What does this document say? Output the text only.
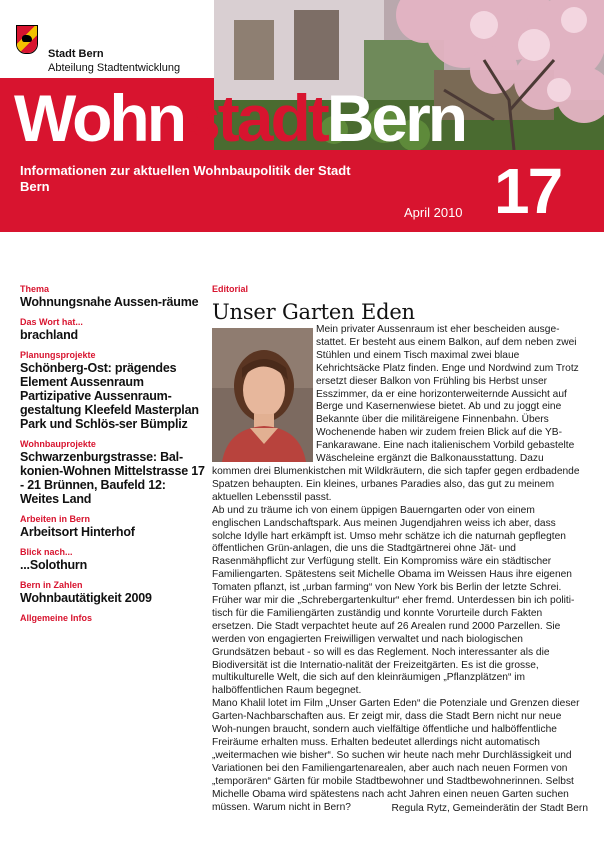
Stadt Bern
Abteilung Stadtentwicklung
WohnstadtBern
Informationen zur aktuellen Wohnbaupolitik der Stadt Bern
April 2010 17
Thema
Wohnungsnahe Aussen-räume
Das Wort hat...
brachland
Planungsprojekte
Schönberg-Ost: prägendes Element Aussenraum Partizipative Aussenraum-gestaltung Kleefeld Masterplan Park und Schlös-ser Bümpliz
Wohnbauprojekte
Schwarzenburgstrasse: Bal-konien-Wohnen Mittelstrasse 17 - 21 Brünnen, Baufeld 12: Weites Land
Arbeiten in Bern
Arbeitsort Hinterhof
Blick nach...
...Solothurn
Bern in Zahlen
Wohnbautätigkeit 2009
Allgemeine Infos
Editorial
Unser Garten Eden

Mein privater Aussenraum ist eher bescheiden ausge-stattet. Er besteht aus einem Balkon, auf dem neben zwei Stühlen und einem Tisch maximal zwei blaue Kehrichtsäcke Platz finden. Enge und Nordwind zum Trotz ersetzt dieser Balkon von Frühling bis Herbst unser Esszimmer, da er eine horizonterweiternde Aussicht auf Berge und Kasernenwiese bietet. Ab und zu joggt eine Bekannte über die militäreigene Finnenbahn. Übers Wochenende haben wir zudem freien Blick auf die YB-Fankarawane. Eine nach italienischem Vorbild gebastelte Wäscheleine ergänzt die Balkonausstattung. Dazu kommen drei Blumenkistchen mit Wildkräutern, die sich tapfer gegen erdbadende Spatzen behaupten. Ein kleines, urbanes Paradies also, das gut zu meinem aktuellen Lebensstil passt.

Ab und zu träume ich von einem üppigen Bauerngarten oder von einem englischen Landschaftspark. Aus meinen Jugendjahren weiss ich aber, dass solche Idylle hart erkämpft ist. Umso mehr schätze ich die naturnah gepflegten öffentlichen Grün-anlagen, die uns die Stadtgärtnerei ohne Jät- und Rasenmähpflicht zur Verfügung stellt. Ein Kompromiss wäre ein städtischer Familiengarten. Spätestens seit Michelle Obama im Weissen Haus ihre eigenen Tomaten pflanzt, ist „urban farming“ von New York bis Berlin der letzte Schrei.

Früher war mir die „Schrebergartenkultur“ eher fremd. Unterdessen bin ich politi-tisch für die Familiengärten zuständig und konnte Vorurteile durch Fakten ersetzen. Die Stadt verpachtet heute auf 26 Arealen rund 2000 Parzellen. Sie werden von engagierten Freiwilligen verwaltet und nach biologischen Grundsätzen bebaut - so will es das Reglement. Noch interessanter als die Biodiversität ist die Internatio-nalität der Freizeitgärten. Es ist die grosse, multikulturelle Welt, die sich auf den kleinräumigen „Pflanzplätzen“ im halböffentlichen Raum begegnet.

Mano Khalil lotet im Film „Unser Garten Eden“ die Potenziale und Grenzen dieser Garten-Nachbarschaften aus. Er zeigt mir, dass die Stadt Bern nicht nur neue Woh-nungen braucht, sondern auch vielfältige öffentliche und halböffentliche Freiräume erhalten muss. Erhalten bedeutet allerdings nicht automatisch „weitermachen wie bisher“. So suchen wir heute nach mehr Durchlässigkeit und Variationen bei den Familiengartenarealen, aber auch nach neuen Formen von „temporären“ Gärten für mobile Stadtbewohner und Stadtbewohnerinnen. Selbst Michelle Obama wird spätestens nach acht Jahren einen neuen Garten suchen müssen. Warum nicht in Bern?	Regula Rytz, Gemeinderätin der Stadt Bern
